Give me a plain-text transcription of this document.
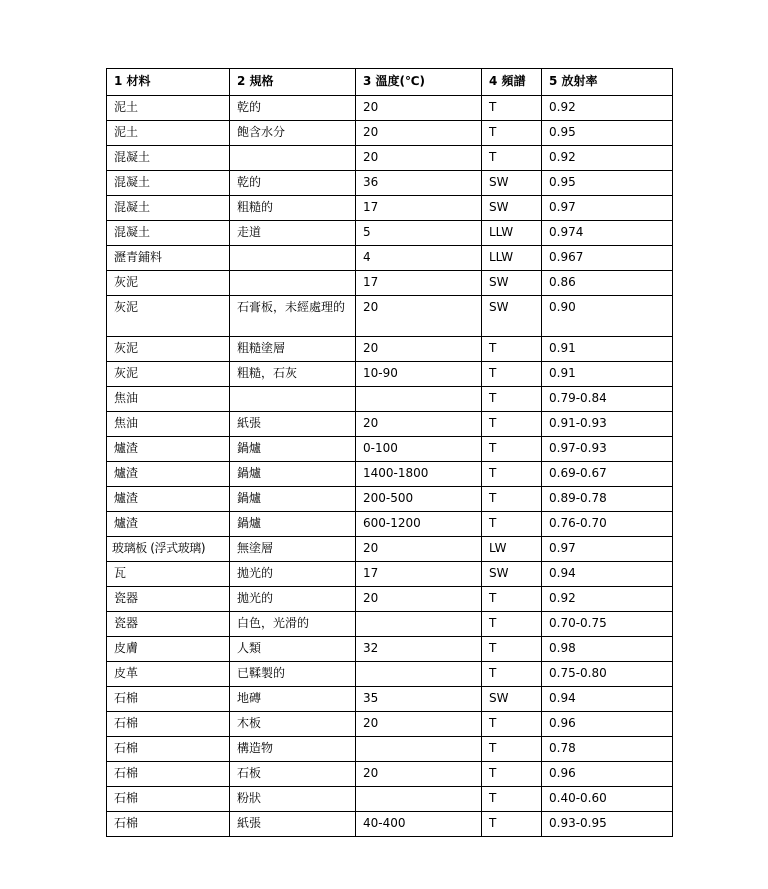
1 材料	2 規格	3 溫度(℃)	4 頻譜	5 放射率
泥土	乾的	20	T	0.92
泥土	飽含水分	20	T	0.95
混凝土		20	T	0.92
混凝土	乾的	36	SW	0.95
混凝土	粗糙的	17	SW	0.97
混凝土	走道	5	LLW	0.974
瀝青鋪料		4	LLW	0.967
灰泥		17	SW	0.86
灰泥	石膏板，未經處理的	20	SW	0.90
灰泥	粗糙塗層	20	T	0.91
灰泥	粗糙，石灰	10-90	T	0.91
焦油			T	0.79-0.84
焦油	紙張	20	T	0.91-0.93
爐渣	鍋爐	0-100	T	0.97-0.93
爐渣	鍋爐	1400-1800	T	0.69-0.67
爐渣	鍋爐	200-500	T	0.89-0.78
爐渣	鍋爐	600-1200	T	0.76-0.70
玻璃板 (浮式玻璃)	無塗層	20	LW	0.97
瓦	拋光的	17	SW	0.94
瓷器	拋光的	20	T	0.92
瓷器	白色，光滑的		T	0.70-0.75
皮膚	人類	32	T	0.98
皮革	已鞣製的		T	0.75-0.80
石棉	地磚	35	SW	0.94
石棉	木板	20	T	0.96
石棉	構造物		T	0.78
石棉	石板	20	T	0.96
石棉	粉狀		T	0.40-0.60
石棉	紙張	40-400	T	0.93-0.95
